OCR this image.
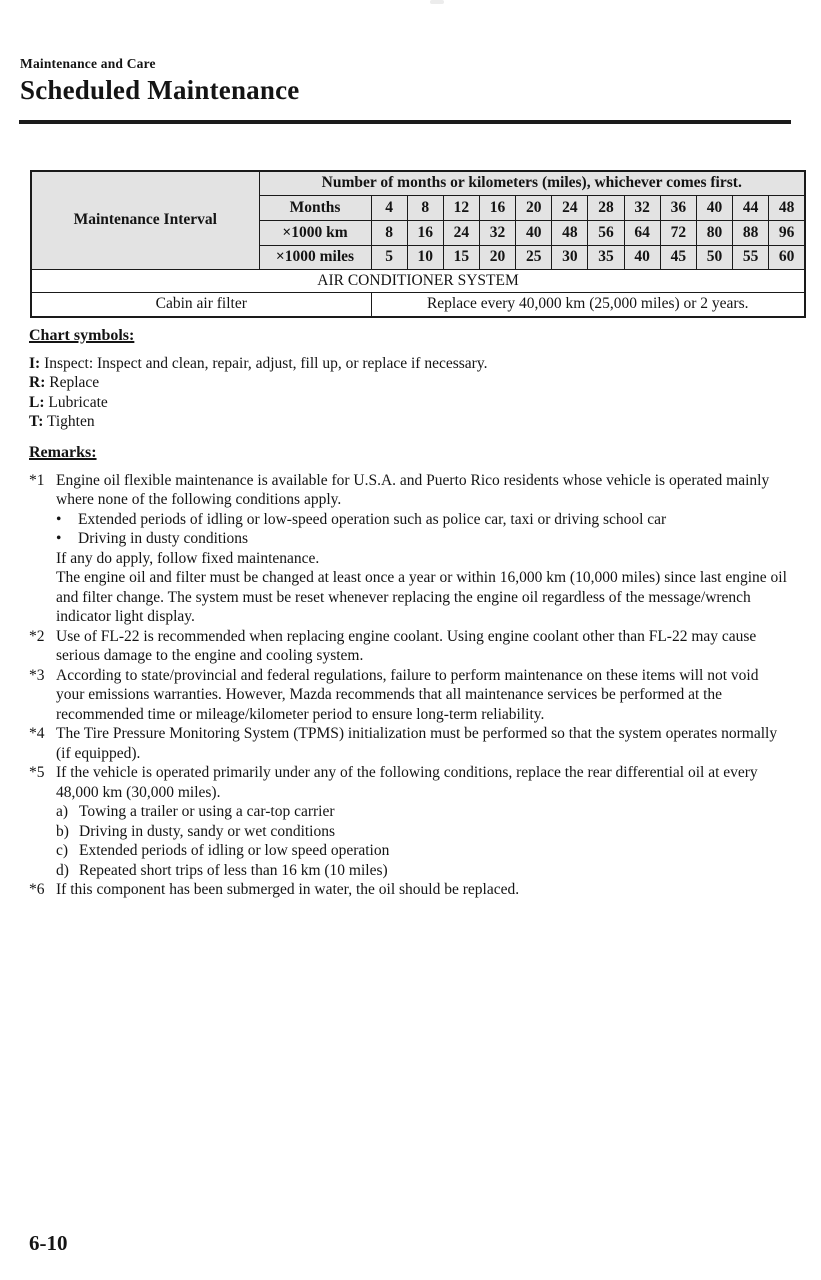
Maintenance and Care
Scheduled Maintenance
Maintenance Interval	Number of months or kilometers (miles), whichever comes first.												
	Months	4	8	12	16	20	24	28	32	36	40	44	48
	×1000 km	8	16	24	32	40	48	56	64	72	80	88	96
	×1000 miles	5	10	15	20	25	30	35	40	45	50	55	60
AIR CONDITIONER SYSTEM													
Cabin air filter		Replace every 40,000 km (25,000 miles) or 2 years.											
Chart symbols:
I: Inspect: Inspect and clean, repair, adjust, fill up, or replace if necessary.
R: Replace
L: Lubricate
T: Tighten
Remarks:
*1 Engine oil flexible maintenance is available for U.S.A. and Puerto Rico residents whose vehicle is operated mainly where none of the following conditions apply.
•	Extended periods of idling or low-speed operation such as police car, taxi or driving school car
•	Driving in dusty conditions
If any do apply, follow fixed maintenance.
The engine oil and filter must be changed at least once a year or within 16,000 km (10,000 miles) since last engine oil and filter change. The system must be reset whenever replacing the engine oil regardless of the message/wrench indicator light display.
*2 Use of FL-22 is recommended when replacing engine coolant. Using engine coolant other than FL-22 may cause serious damage to the engine and cooling system.
*3 According to state/provincial and federal regulations, failure to perform maintenance on these items will not void your emissions warranties. However, Mazda recommends that all maintenance services be performed at the recommended time or mileage/kilometer period to ensure long-term reliability.
*4 The Tire Pressure Monitoring System (TPMS) initialization must be performed so that the system operates normally (if equipped).
*5 If the vehicle is operated primarily under any of the following conditions, replace the rear differential oil at every 48,000 km (30,000 miles).
a) Towing a trailer or using a car-top carrier
b) Driving in dusty, sandy or wet conditions
c) Extended periods of idling or low speed operation
d) Repeated short trips of less than 16 km (10 miles)
*6 If this component has been submerged in water, the oil should be replaced.
6-10
